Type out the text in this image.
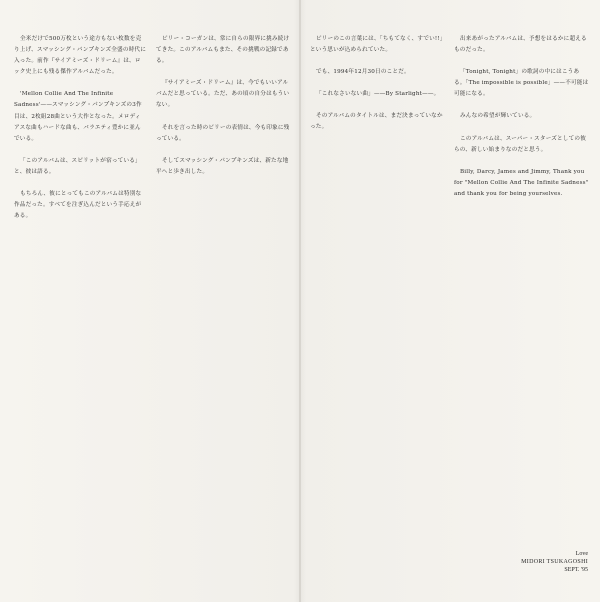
全米だけで500万枚という途方もない枚数を売り上げ、スマッシング・パンプキンズ全盛の時代に入った。前作『サイアミーズ・ドリーム』は、ロック史上にも残る傑作アルバムだった。

'Mellon Collie And The Infinite Sadness'——スマッシング・パンプキンズの3作目は、2枚組28曲という大作となった。メロディアスな曲もハードな曲も、バラエティ豊かに並んでいる。

「このアルバムは、スピリットが宿っている」と、彼は語る。

もちろん、彼にとってもこのアルバムは特別な作品だった。すべてを注ぎ込んだという手応えがある。

ビリー・コーガンは、常に自らの限界に挑み続けてきた。このアルバムもまた、その挑戦の記録である。

『サイアミーズ・ドリーム』は、今でもいいアルバムだと思っている。ただ、あの頃の自分はもういない。

それを言った時のビリーの表情は、今も印象に残っている。

そしてスマッシング・パンプキンズは、新たな地平へと歩き出した。

ビリーのこの言葉には、「ちもてなく、すでい!!」という思いが込められていた。

でも、1994年12月30日のことだ。

「これなさいない曲」——By Starlight——。

そのアルバムのタイトルは、まだ決まっていなかった。

出来あがったアルバムは、予想をはるかに超えるものだった。

「Tonight, Tonight」の歌詞の中にはこうある。「The impossible is possible」——不可能は可能になる。

みんなの希望が輝いている。

このアルバムは、スーパー・スターズとしての彼らの、新しい始まりなのだと思う。

Billy, Darcy, James and Jimmy, Thank you for "Mellon Collie And The Infinite Sadness" and thank you for being yourselves.

Love
MIDORI TSUKAGOSHI
SEPT. '95
